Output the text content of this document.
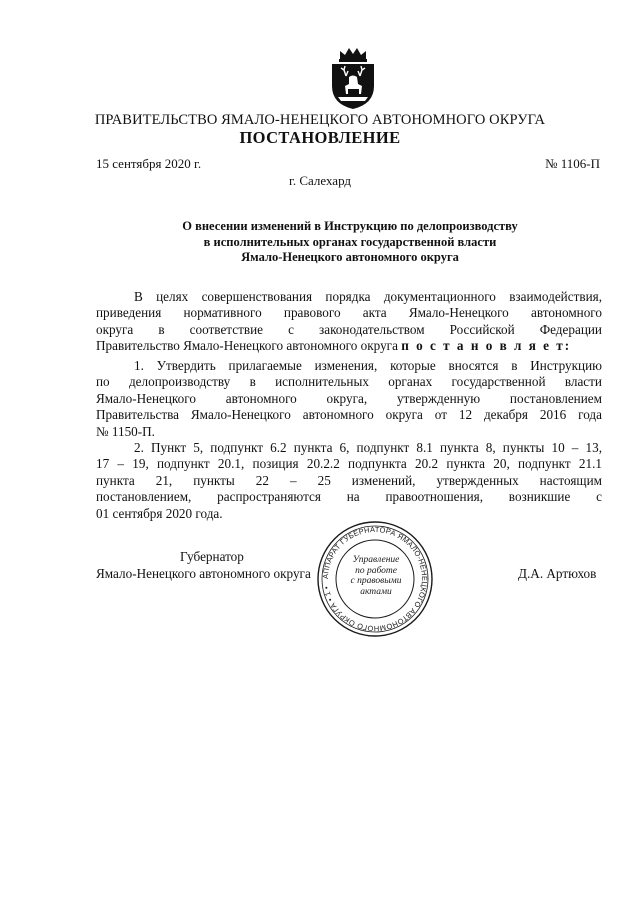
ПРАВИТЕЛЬСТВО ЯМАЛО-НЕНЕЦКОГО АВТОНОМНОГО ОКРУГА
ПОСТАНОВЛЕНИЕ
15 сентября 2020 г.	№ 1106-П
г. Салехард
О внесении изменений в Инструкцию по делопроизводству
в исполнительных органах государственной власти
Ямало-Ненецкого автономного округа
В целях совершенствования порядка документационного взаимодействия,
приведения нормативного правового акта Ямало-Ненецкого автономного
округа в соответствие с законодательством Российской Федерации
Правительство Ямало-Ненецкого автономного округа п о с т а н о в л я е т:
1. Утвердить прилагаемые изменения, которые вносятся в Инструкцию
по делопроизводству в исполнительных органах государственной власти
Ямало-Ненецкого автономного округа, утвержденную постановлением
Правительства Ямало-Ненецкого автономного округа от 12 декабря 2016 года
№ 1150-П.
2. Пункт 5, подпункт 6.2 пункта 6, подпункт 8.1 пункта 8, пункты 10 – 13,
17 – 19, подпункт 20.1, позиция 20.2.2 подпункта 20.2 пункта 20, подпункт 21.1
пункта 21, пункты 22 – 25 изменений, утвержденных настоящим
постановлением, распространяются на правоотношения, возникшие с
01 сентября 2020 года.
Губернатор
Ямало-Ненецкого автономного округа	Д.А. Артюхов
АППАРАТ ГУБЕРНАТОРА ЯМАЛО-НЕНЕЦКОГО АВТОНОМНОГО ОКРУГА • 1 •
Управление
по работе
с правовыми
актами
